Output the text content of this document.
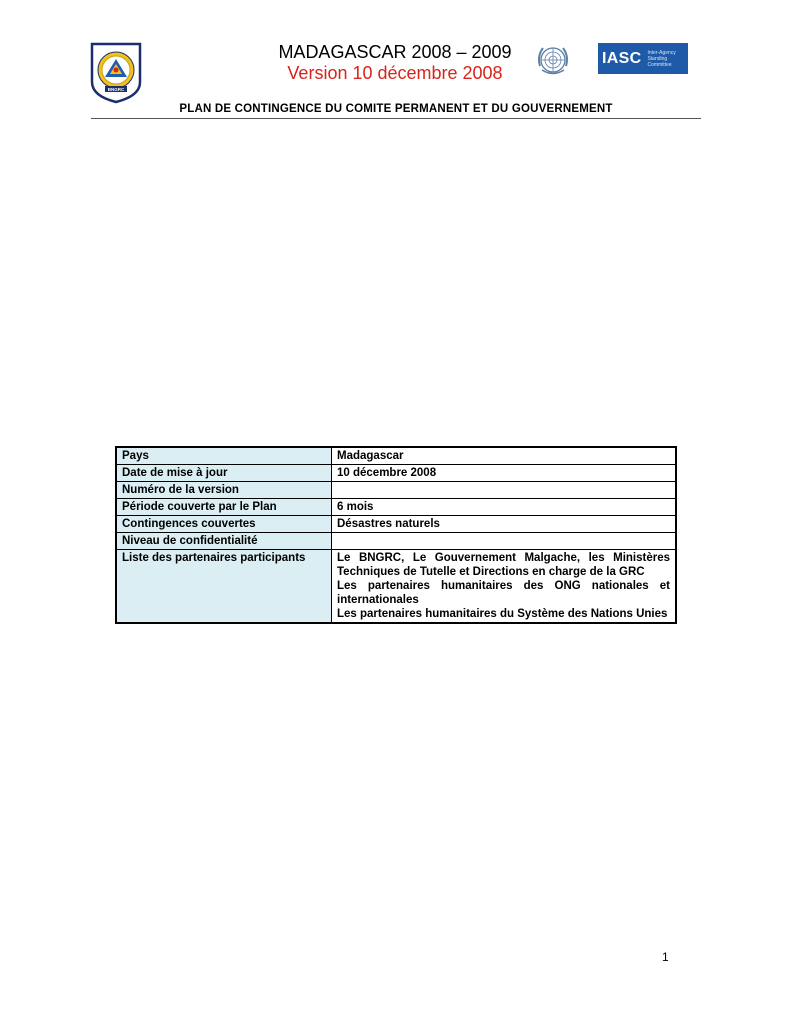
BNGRC
MADAGASCAR 2008 – 2009
Version 10 décembre 2008
IASC Inter-Agency
Standing Committee
PLAN DE CONTINGENCE DU COMITE PERMANENT ET DU GOUVERNEMENT
Pays	Madagascar
Date de mise à jour	10 décembre 2008
Numéro de la version	
Période couverte par le Plan	6 mois
Contingences couvertes	Désastres naturels
Niveau de confidentialité	
Liste des partenaires participants	Le BNGRC, Le Gouvernement Malgache, les Ministères Techniques de Tutelle et Directions en charge de la GRC
Les partenaires humanitaires des ONG nationales et internationales
Les partenaires humanitaires du Système des Nations Unies
1
